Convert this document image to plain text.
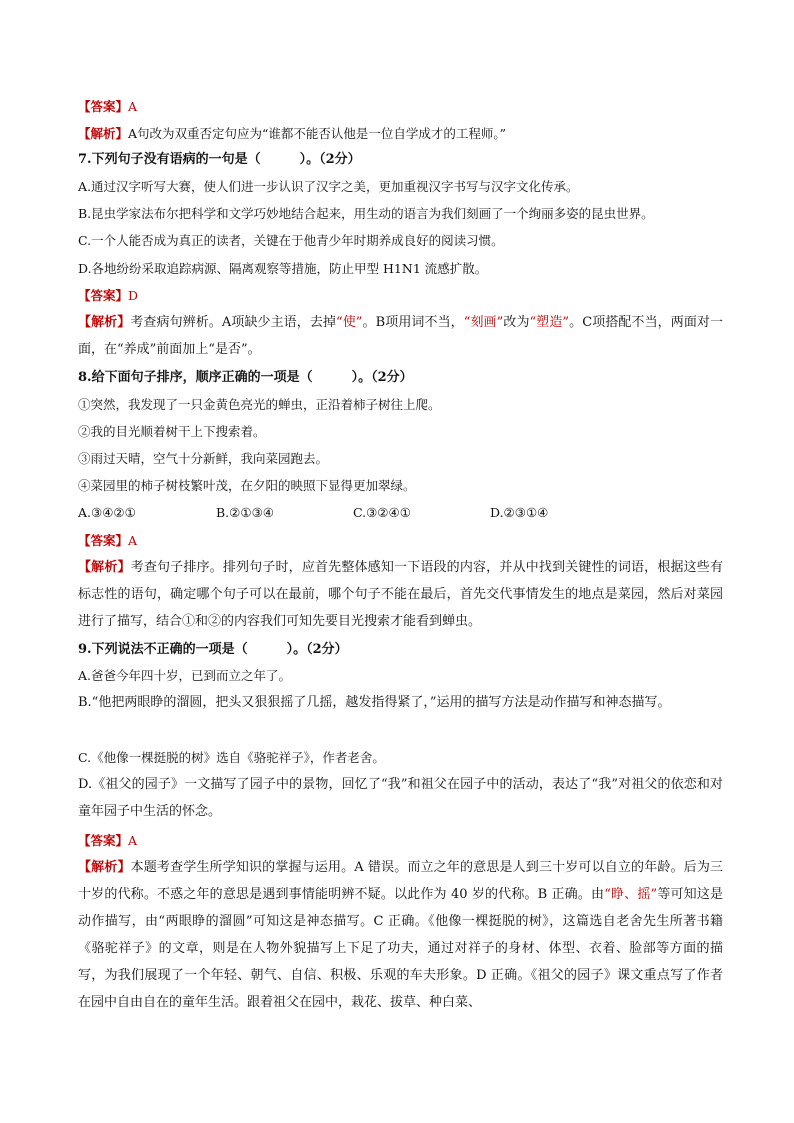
【答案】A
【解析】A句改为双重否定句应为“谁都不能否认他是一位自学成才的工程师。”
7.下列句子没有语病的一句是（　　　）。（2分）
A.通过汉字听写大赛，使人们进一步认识了汉字之美，更加重视汉字书写与汉字文化传承。
B.昆虫学家法布尔把科学和文学巧妙地结合起来，用生动的语言为我们刻画了一个绚丽多姿的昆虫世界。
C.一个人能否成为真正的读者，关键在于他青少年时期养成良好的阅读习惯。
D.各地纷纷采取追踪病源、隔离观察等措施，防止甲型 H1N1 流感扩散。
【答案】D
【解析】考查病句辨析。A项缺少主语，去掉“使”。B项用词不当，“刻画”改为“塑造”。C项搭配不当，两面对一面，在“养成”前面加上“是否”。
8.给下面句子排序，顺序正确的一项是（　　　）。（2分）
①突然，我发现了一只金黄色亮光的蝉虫，正沿着柿子树往上爬。
②我的目光顺着树干上下搜索着。
③雨过天晴，空气十分新鲜，我向菜园跑去。
④菜园里的柿子树枝繁叶茂，在夕阳的映照下显得更加翠绿。
A.③④②①	B.②①③④	C.③②④①	D.②③①④
【答案】A
【解析】考查句子排序。排列句子时，应首先整体感知一下语段的内容，并从中找到关键性的词语，根据这些有标志性的语句，确定哪个句子可以在最前，哪个句子不能在最后，首先交代事情发生的地点是菜园，然后对菜园进行了描写，结合①和②的内容我们可知先要目光搜索才能看到蝉虫。
9.下列说法不正确的一项是（　　　）。（2分）
A.爸爸今年四十岁，已到而立之年了。
B.“他把两眼睁的溜圆，把头又狠狠摇了几摇，越发指得紧了，”运用的描写方法是动作描写和神态描写。
C.《他像一棵挺脱的树》选自《骆驼祥子》，作者老舍。
D.《祖父的园子》一文描写了园子中的景物，回忆了“我”和祖父在园子中的活动，表达了“我”对祖父的依恋和对童年园子中生活的怀念。
【答案】A
【解析】本题考查学生所学知识的掌握与运用。A 错误。而立之年的意思是人到三十岁可以自立的年龄。后为三十岁的代称。不惑之年的意思是遇到事情能明辨不疑。以此作为 40 岁的代称。B 正确。由“睁、摇”等可知这是动作描写，由“两眼睁的溜圆”可知这是神态描写。C 正确。《他像一棵挺脱的树》，这篇选自老舍先生所著书籍《骆驼祥子》的文章，则是在人物外貌描写上下足了功夫，通过对祥子的身材、体型、衣着、脸部等方面的描写，为我们展现了一个年轻、朝气、自信、积极、乐观的车夫形象。D 正确。《祖父的园子》课文重点写了作者在园中自由自在的童年生活。跟着祖父在园中，栽花、拔草、种白菜、
